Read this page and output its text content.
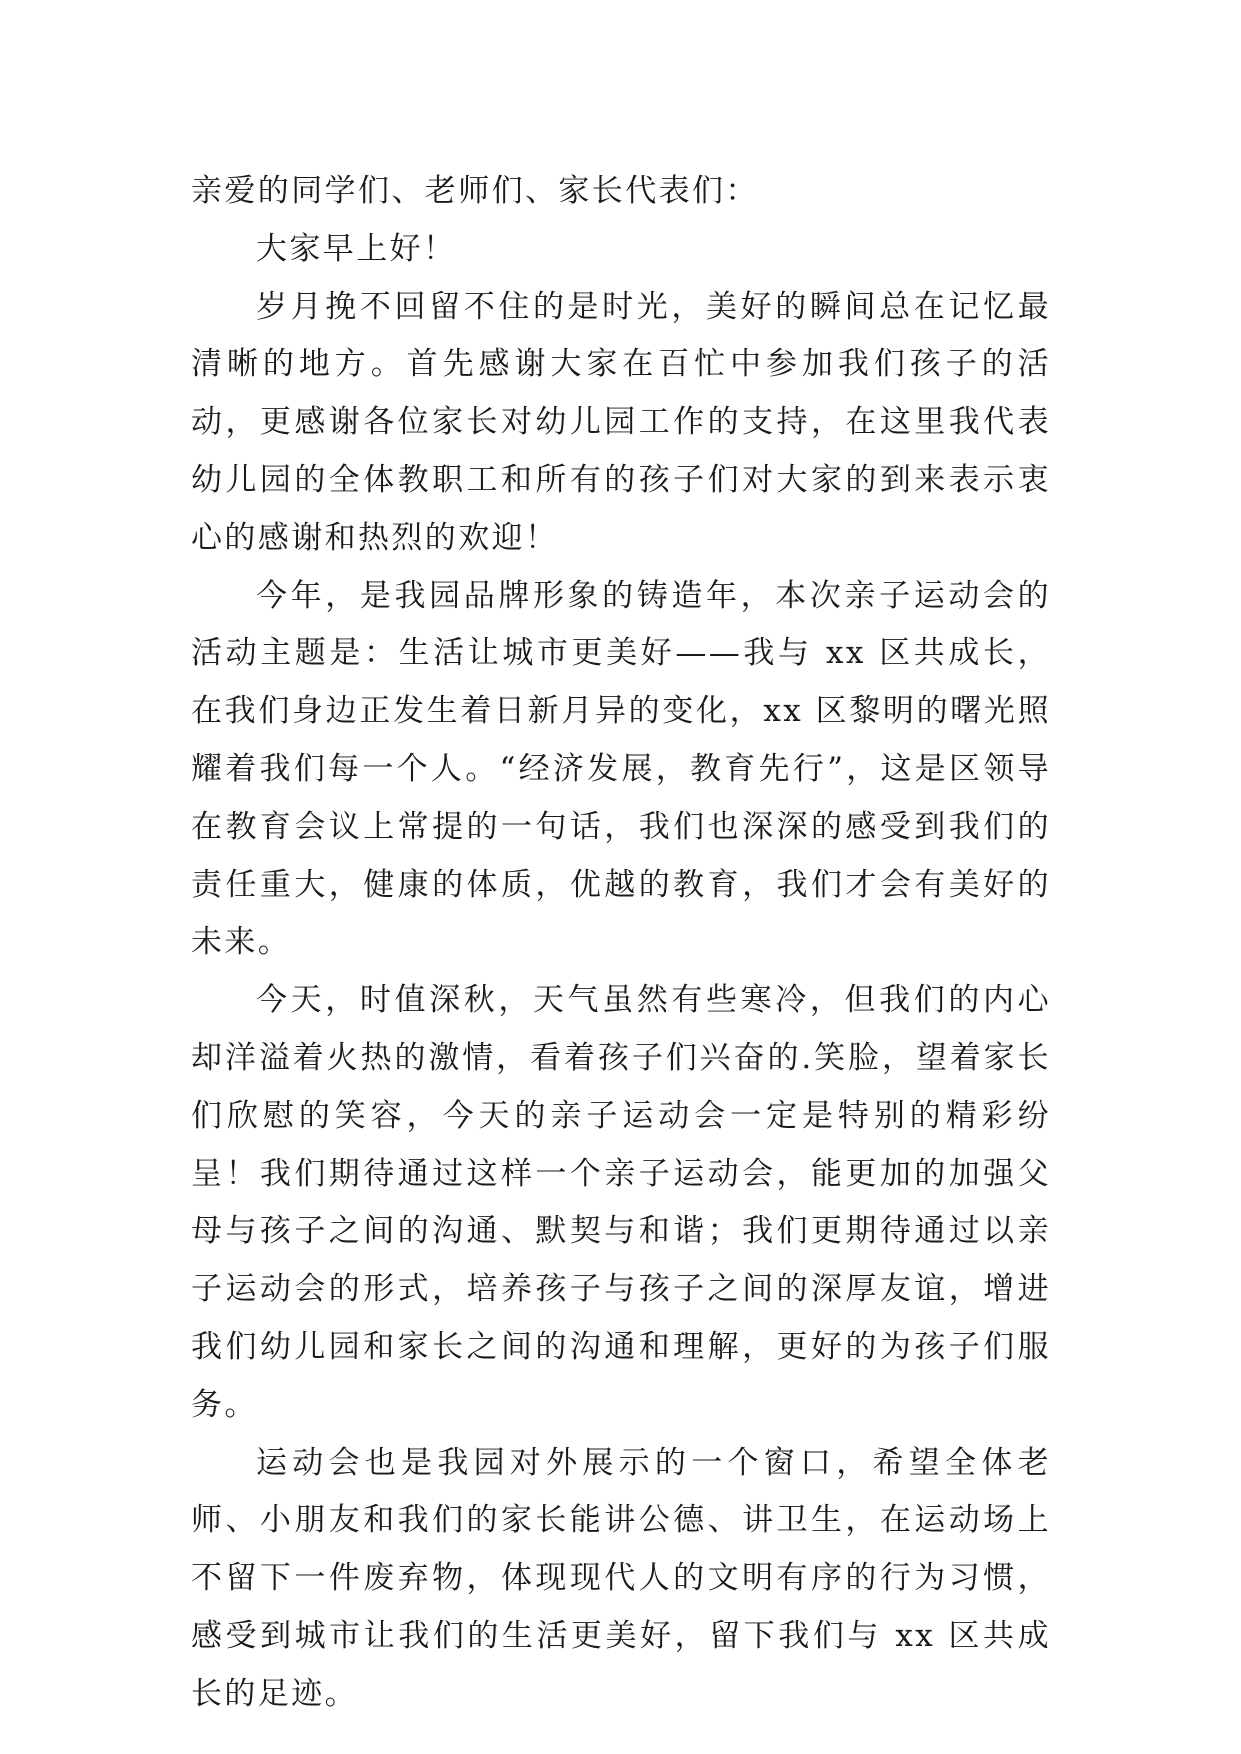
亲爱的同学们、老师们、家长代表们：

大家早上好！

岁月挽不回留不住的是时光，美好的瞬间总在记忆最清晰的地方。首先感谢大家在百忙中参加我们孩子的活动，更感谢各位家长对幼儿园工作的支持，在这里我代表幼儿园的全体教职工和所有的孩子们对大家的到来表示衷心的感谢和热烈的欢迎！

今年，是我园品牌形象的铸造年，本次亲子运动会的活动主题是：生活让城市更美好——我与 xx 区共成长，在我们身边正发生着日新月异的变化，xx 区黎明的曙光照耀着我们每一个人。“经济发展，教育先行”，这是区领导在教育会议上常提的一句话，我们也深深的感受到我们的责任重大，健康的体质，优越的教育，我们才会有美好的未来。

今天，时值深秋，天气虽然有些寒冷，但我们的内心却洋溢着火热的激情，看着孩子们兴奋的.笑脸，望着家长们欣慰的笑容，今天的亲子运动会一定是特别的精彩纷呈！我们期待通过这样一个亲子运动会，能更加的加强父母与孩子之间的沟通、默契与和谐；我们更期待通过以亲子运动会的形式，培养孩子与孩子之间的深厚友谊，增进我们幼儿园和家长之间的沟通和理解，更好的为孩子们服务。

运动会也是我园对外展示的一个窗口，希望全体老师、小朋友和我们的家长能讲公德、讲卫生，在运动场上不留下一件废弃物，体现现代人的文明有序的行为习惯，感受到城市让我们的生活更美好，留下我们与 xx 区共成长的足迹。
